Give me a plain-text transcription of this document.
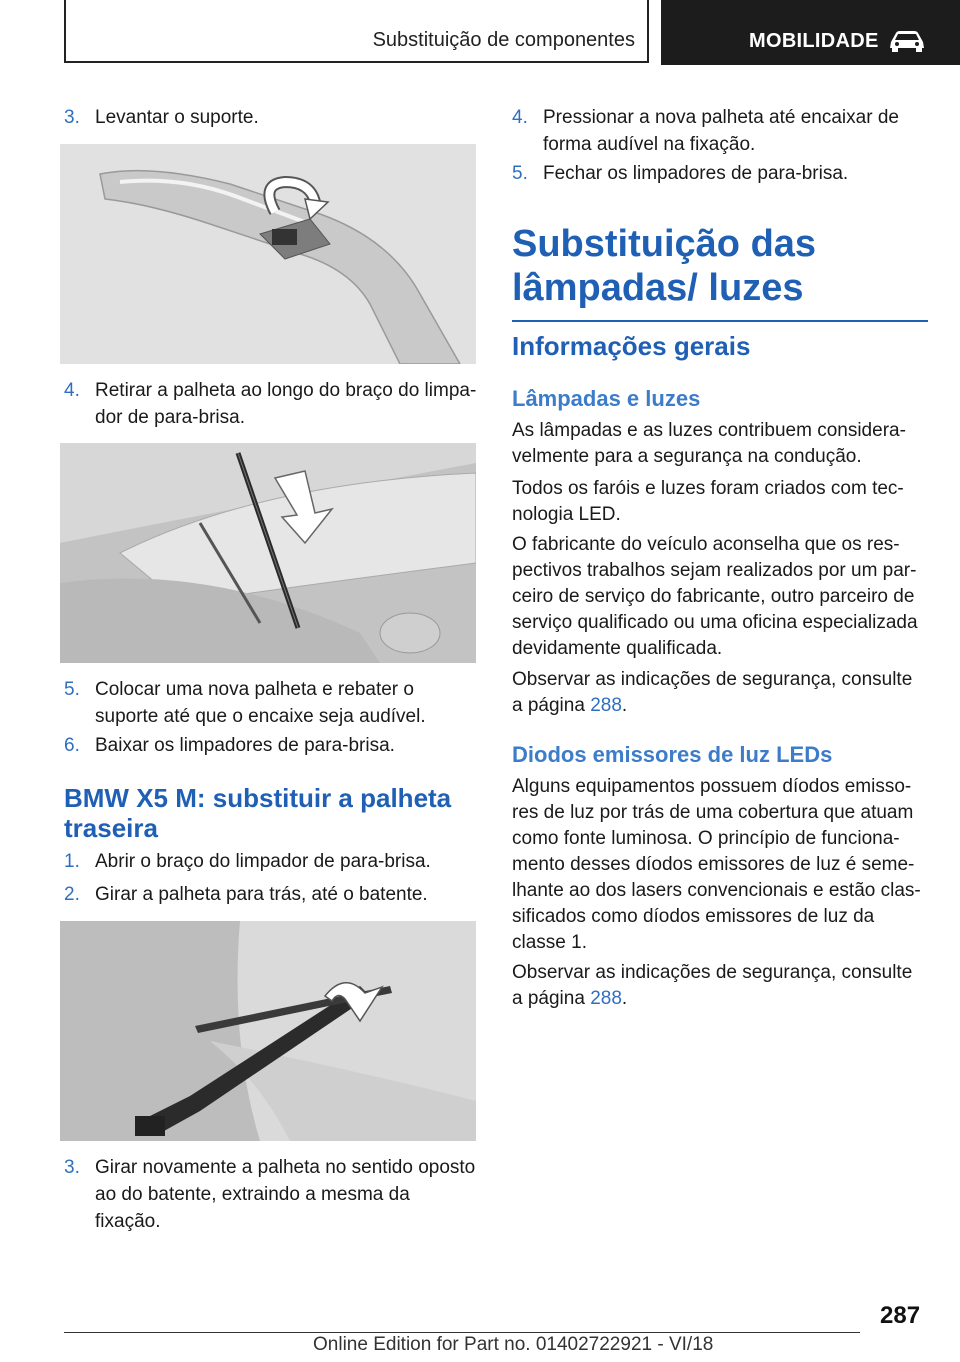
Substituição de componentes	MOBILIDADE
3. Levantar o suporte.
4. Retirar a palheta ao longo do braço do limpa-dor de para-brisa.
5. Colocar uma nova palheta e rebater o suporte até que o encaixe seja audível.
6. Baixar os limpadores de para-brisa.
BMW X5 M: substituir a palheta traseira
1. Abrir o braço do limpador de para-brisa.
2. Girar a palheta para trás, até o batente.
3. Girar novamente a palheta no sentido oposto ao do batente, extraindo a mesma da fixação.
4. Pressionar a nova palheta até encaixar de forma audível na fixação.
5. Fechar os limpadores de para-brisa.
Substituição das lâmpadas/ luzes
Informações gerais
Lâmpadas e luzes
As lâmpadas e as luzes contribuem considera-velmente para a segurança na condução.
Todos os faróis e luzes foram criados com tec-nologia LED.
O fabricante do veículo aconselha que os res-pectivos trabalhos sejam realizados por um par-ceiro de serviço do fabricante, outro parceiro de serviço qualificado ou uma oficina especializada devidamente qualificada.
Observar as indicações de segurança, consulte a página 288.
Diodos emissores de luz LEDs
Alguns equipamentos possuem díodos emisso-res de luz por trás de uma cobertura que atuam como fonte luminosa. O princípio de funciona-mento desses díodos emissores de luz é seme-lhante ao dos lasers convencionais e estão clas-sificados como díodos emissores de luz da classe 1.
Observar as indicações de segurança, consulte a página 288.
287
Online Edition for Part no. 01402722921 - VI/18
